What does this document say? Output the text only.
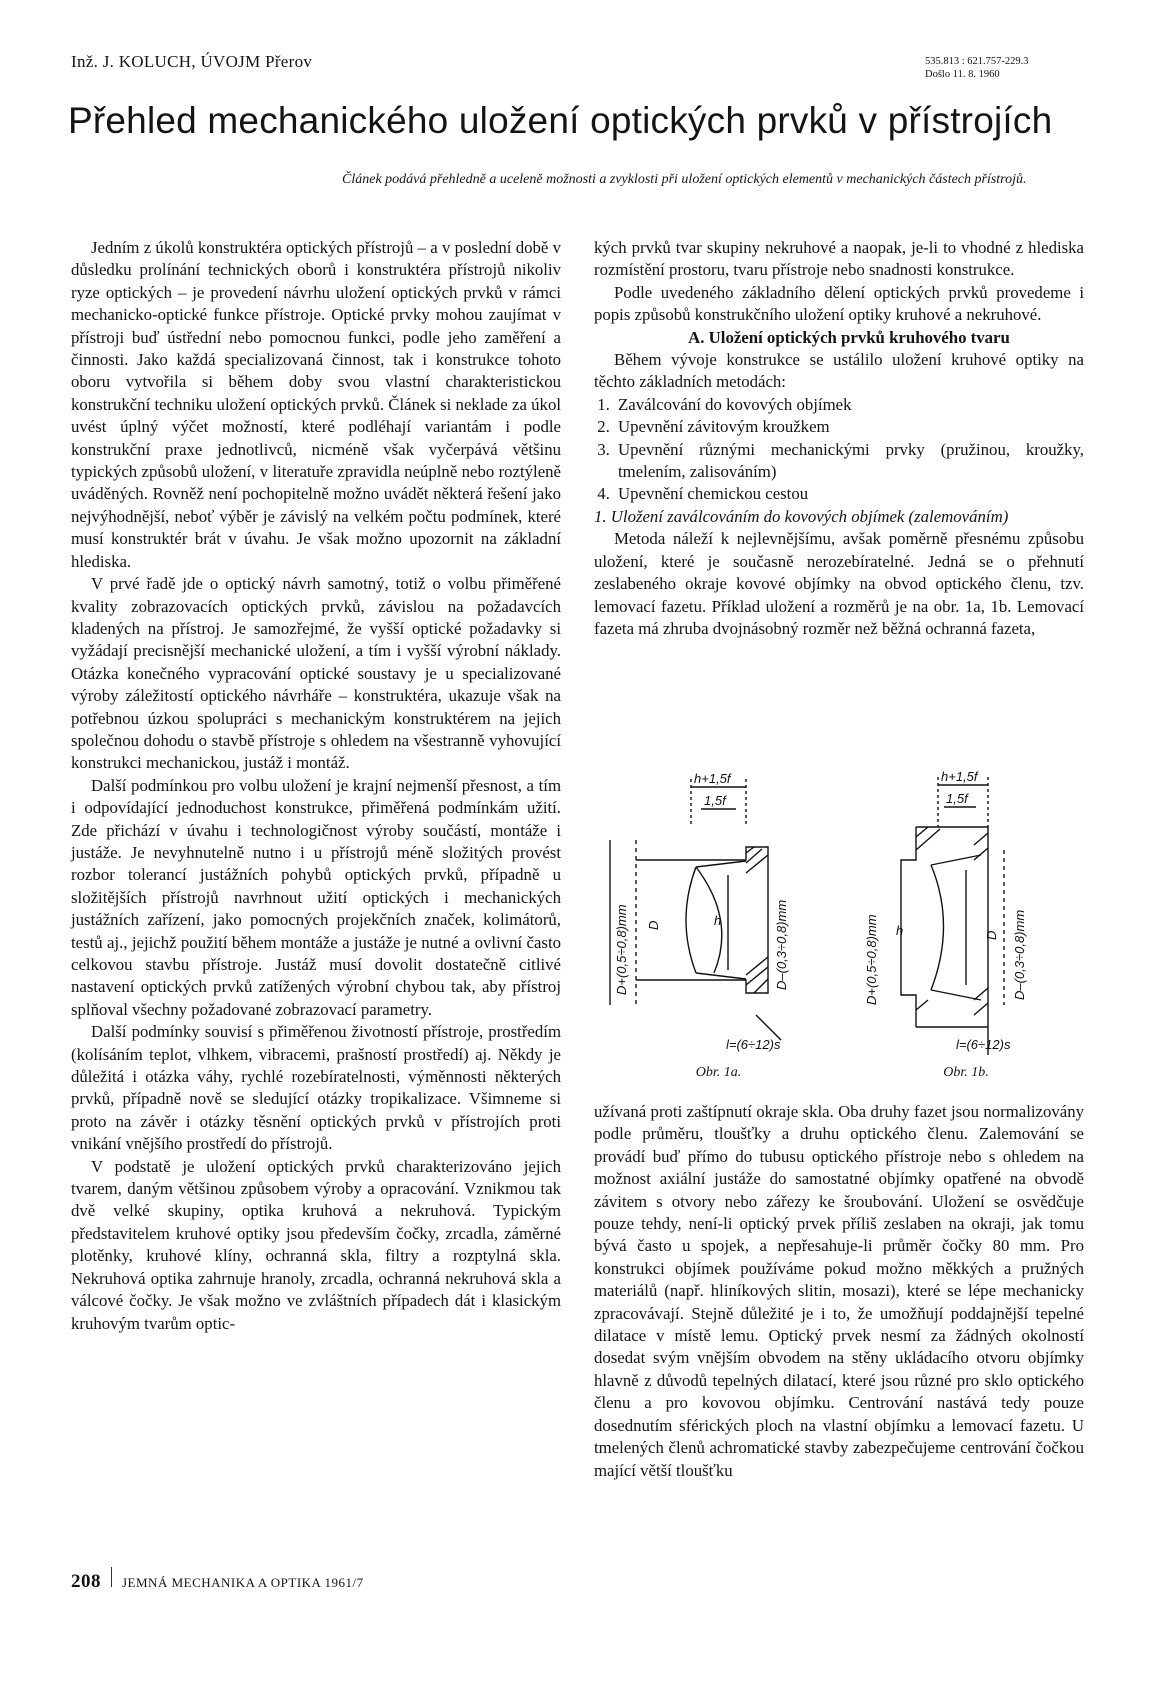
Inž. J. KOLUCH, ÚVOJM Přerov	535.813 : 621.757-229.3
Došlo 11. 8. 1960
Přehled mechanického uložení optických prvků v přístrojích

Článek podává přehledně a uceleně možnosti a zvyklosti při uložení optických elementů v mechanických částech přístrojů.

Jedním z úkolů konstruktéra optických přístrojů – a v poslední době v důsledku prolínání technických oborů i konstruktéra přístrojů nikoliv ryze optických – je provedení návrhu uložení optických prvků v rámci mechanicko-optické funkce přístroje. Optické prvky mohou zaujímat v přístroji buď ústřední nebo pomocnou funkci, podle jeho zaměření a činnosti. Jako každá specializovaná činnost, tak i konstrukce tohoto oboru vytvořila si během doby svou vlastní charakteristickou konstrukční techniku uložení optických prvků. Článek si neklade za úkol uvést úplný výčet možností, které podléhají variantám i podle konstrukční praxe jednotlivců, nicméně však vyčerpává většinu typických způsobů uložení, v literatuře zpravidla neúplně nebo roztýleně uváděných. Rovněž není pochopitelně možno uvádět některá řešení jako nejvýhodnější, neboť výběr je závislý na velkém počtu podmínek, které musí konstruktér brát v úvahu. Je však možno upozornit na základní hlediska.

V prvé řadě jde o optický návrh samotný, totiž o volbu přiměřené kvality zobrazovacích optických prvků, závislou na požadavcích kladených na přístroj. Je samozřejmé, že vyšší optické požadavky si vyžádají precisnější mechanické uložení, a tím i vyšší výrobní náklady. Otázka konečného vypracování optické soustavy je u specializované výroby záležitostí optického návrháře – konstruktéra, ukazuje však na potřebnou úzkou spolupráci s mechanickým konstruktérem na jejich společnou dohodu o stavbě přístroje s ohledem na všestranně vyhovující konstrukci mechanickou, justáž i montáž.

Další podmínkou pro volbu uložení je krajní nejmenší přesnost, a tím i odpovídající jednoduchost konstrukce, přiměřená podmínkám užití. Zde přichází v úvahu i technologičnost výroby součástí, montáže i justáže. Je nevyhnutelně nutno i u přístrojů méně složitých provést rozbor tolerancí justážních pohybů optických prvků, případně u složitějších přístrojů navrhnout užití optických i mechanických justážních zařízení, jako pomocných projekčních značek, kolimátorů, testů aj., jejichž použití během montáže a justáže je nutné a ovlivní často celkovou stavbu přístroje. Justáž musí dovolit dostatečně citlivé nastavení optických prvků zatížených výrobní chybou tak, aby přístroj splňoval všechny požadované zobrazovací parametry.

Další podmínky souvisí s přiměřenou životností přístroje, prostředím (kolísáním teplot, vlhkem, vibracemi, prašností prostředí) aj. Někdy je důležitá i otázka váhy, rychlé rozebíratelnosti, výměnnosti některých prvků, případně nově se sledující otázky tropikalizace. Všimneme si proto na závěr i otázky těsnění optických prvků v přístrojích proti vnikání vnějšího prostředí do přístrojů.

V podstatě je uložení optických prvků charakterizováno jejich tvarem, daným většinou způsobem výroby a opracování. Vznikmou tak dvě velké skupiny, optika kruhová a nekruhová. Typickým představitelem kruhové optiky jsou především čočky, zrcadla, záměrné plotěnky, kruhové klíny, ochranná skla, filtry a rozptylná skla. Nekruhová optika zahrnuje hranoly, zrcadla, ochranná nekruhová skla a válcové čočky. Je však možno ve zvláštních případech dát i klasickým kruhovým tvarům optic-

kých prvků tvar skupiny nekruhové a naopak, je-li to vhodné z hlediska rozmístění prostoru, tvaru přístroje nebo snadnosti konstrukce.

Podle uvedeného základního dělení optických prvků provedeme i popis způsobů konstrukčního uložení optiky kruhové a nekruhové.

A. Uložení optických prvků kruhového tvaru

Během vývoje konstrukce se ustálilo uložení kruhové optiky na těchto základních metodách:

1. Zaválcování do kovových objímek
2. Upevnění závitovým kroužkem
3. Upevnění různými mechanickými prvky (pružinou, kroužky, tmelením, zalisováním)
4. Upevnění chemickou cestou

1. Uložení zaválcováním do kovových objímek (zalemováním)

Metoda náleží k nejlevnějšímu, avšak poměrně přesnému způsobu uložení, které je současně nerozebíratelné. Jedná se o přehnutí zeslabeného okraje kovové objímky na obvod optického členu, tzv. lemovací fazetu. Příklad uložení a rozměrů je na obr. 1a, 1b. Lemovací fazeta má zhruba dvojnásobný rozměr než běžná ochranná fazeta,

h+1,5f
1,5f
D+(0,5÷0,8)mm D	D–(0,3÷0,8)mm
h
l=(6÷12)s
Obr. 1a.
h+1,5f
1,5f
D+(0,5÷0,8)mm	D D–(0,3÷0,8)mm
h
l=(6÷12)s
Obr. 1b.

užívaná proti zaštípnutí okraje skla. Oba druhy fazet jsou normalizovány podle průměru, tloušťky a druhu optického členu. Zalemování se provádí buď přímo do tubusu optického přístroje nebo s ohledem na možnost axiální justáže do samostatné objímky opatřené na obvodě závitem s otvory nebo zářezy ke šroubování. Uložení se osvědčuje pouze tehdy, není-li optický prvek příliš zeslaben na okraji, jak tomu bývá často u spojek, a nepřesahuje-li průměr čočky 80 mm. Pro konstrukci objímek používáme pokud možno měkkých a pružných materiálů (např. hliníkových slitin, mosazi), které se lépe mechanicky zpracovávají. Stejně důležité je i to, že umožňují poddajnější tepelné dilatace v místě lemu. Optický prvek nesmí za žádných okolností dosedat svým vnějším obvodem na stěny ukládacího otvoru objímky hlavně z důvodů tepelných dilatací, které jsou různé pro sklo optického členu a pro kovovou objímku. Centrování nastává tedy pouze dosednutím sférických ploch na vlastní objímku a lemovací fazetu. U tmelených členů achromatické stavby zabezpečujeme centrování čočkou mající větší tloušťku

208 JEMNÁ MECHANIKA A OPTIKA 1961/7
